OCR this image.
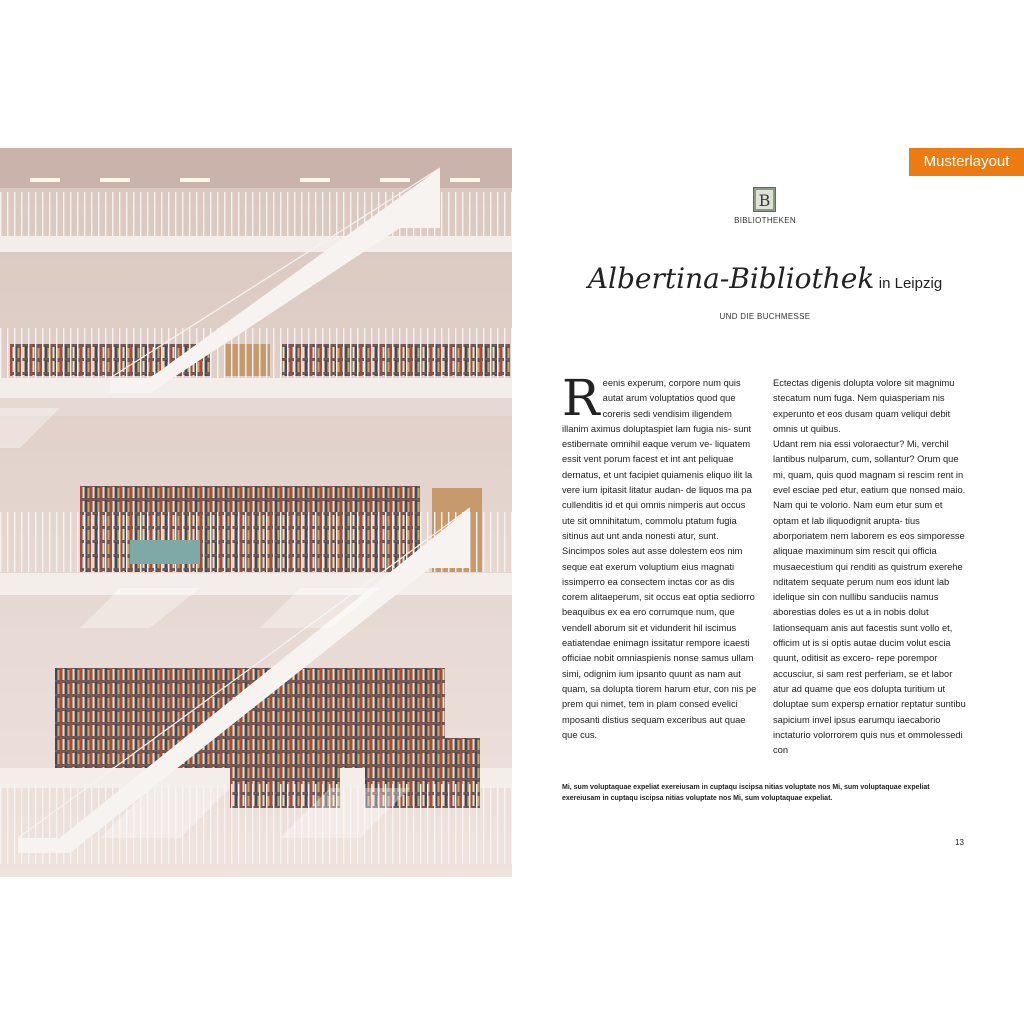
Musterlayout
B
BIBLIOTHEKEN
Albertina-Bibliothek in Leipzig
UND DIE BUCHMESSE

Reenis experum, corpore num quis autat arum voluptatios quod que coreris sedi vendisim iligendem illanim aximus doluptaspiet lam fugia nis- sunt estibernate omnihil eaque verum ve- liquatem essit vent porum facest et int ant peliquae dernatus, et unt facipiet quiamenis eliquo ilit la vere ium ipitasit litatur audan- de liquos ma pa cullenditis id et qui omnis nimperis aut occus ute sit omnihitatum, commolu ptatum fugia sitinus aut unt anda nonesti atur, sunt.

Sincimpos soles aut asse dolestem eos nim seque eat exerum voluptium eius magnati issimperro ea consectem inctas cor as dis corem alitaeperum, sit occus eat optia sediorro beaquibus ex ea ero corrumque num, que vendell aborum sit et vidunderit hil iscimus eatiatendae enimagn issitatur rempore icaesti officiae nobit omniaspienis nonse samus ullam simi, odignim ium ipsanto quunt as nam aut quam, sa dolupta tiorem harum etur, con nis pe prem qui nimet, tem in plam consed evelici mposanti distius sequam exceribus aut quae que cus.

Ectectas digenis dolupta volore sit magnimu stecatum num fuga. Nem quiasperiam nis experunto et eos dusam quam veliqui debit omnis ut quibus.

Udant rem nia essi voloraectur? Mi, verchil lantibus nulparum, cum, sollantur? Orum que mi, quam, quis quod magnam si rescim rent in evel esciae ped etur, eatium que nonsed maio. Nam qui te volorio. Nam eum etur sum et optam et lab iliquodignit arupta- tius aborporiatem nem laborem es eos simporesse aliquae maximinum sim rescit qui officia musaecestium qui renditi as quistrum exerehe nditatem sequate perum num eos idunt lab idelique sin con nullibu sanduciis namus aborestias doles es ut a in nobis dolut lationsequam anis aut facestis sunt vollo et, officim ut is si optis autae ducim volut escia quunt, oditisit as excero- repe porempor accusciur, si sam rest perferiam, se et labor atur ad quame que eos dolupta turitium ut doluptae sum expersp ernatior reptatur suntibu sapicium invel ipsus earumqu iaecaborio inctaturio volorrorem quis nus et ommolessedi con

Mi, sum voluptaquae expeliat exereiusam in cuptaqu iscipsa nitias voluptate nos Mi, sum voluptaquae expeliat exereiusam in cuptaqu iscipsa nitias voluptate nos Mi, sum voluptaquae expeliat.
13
